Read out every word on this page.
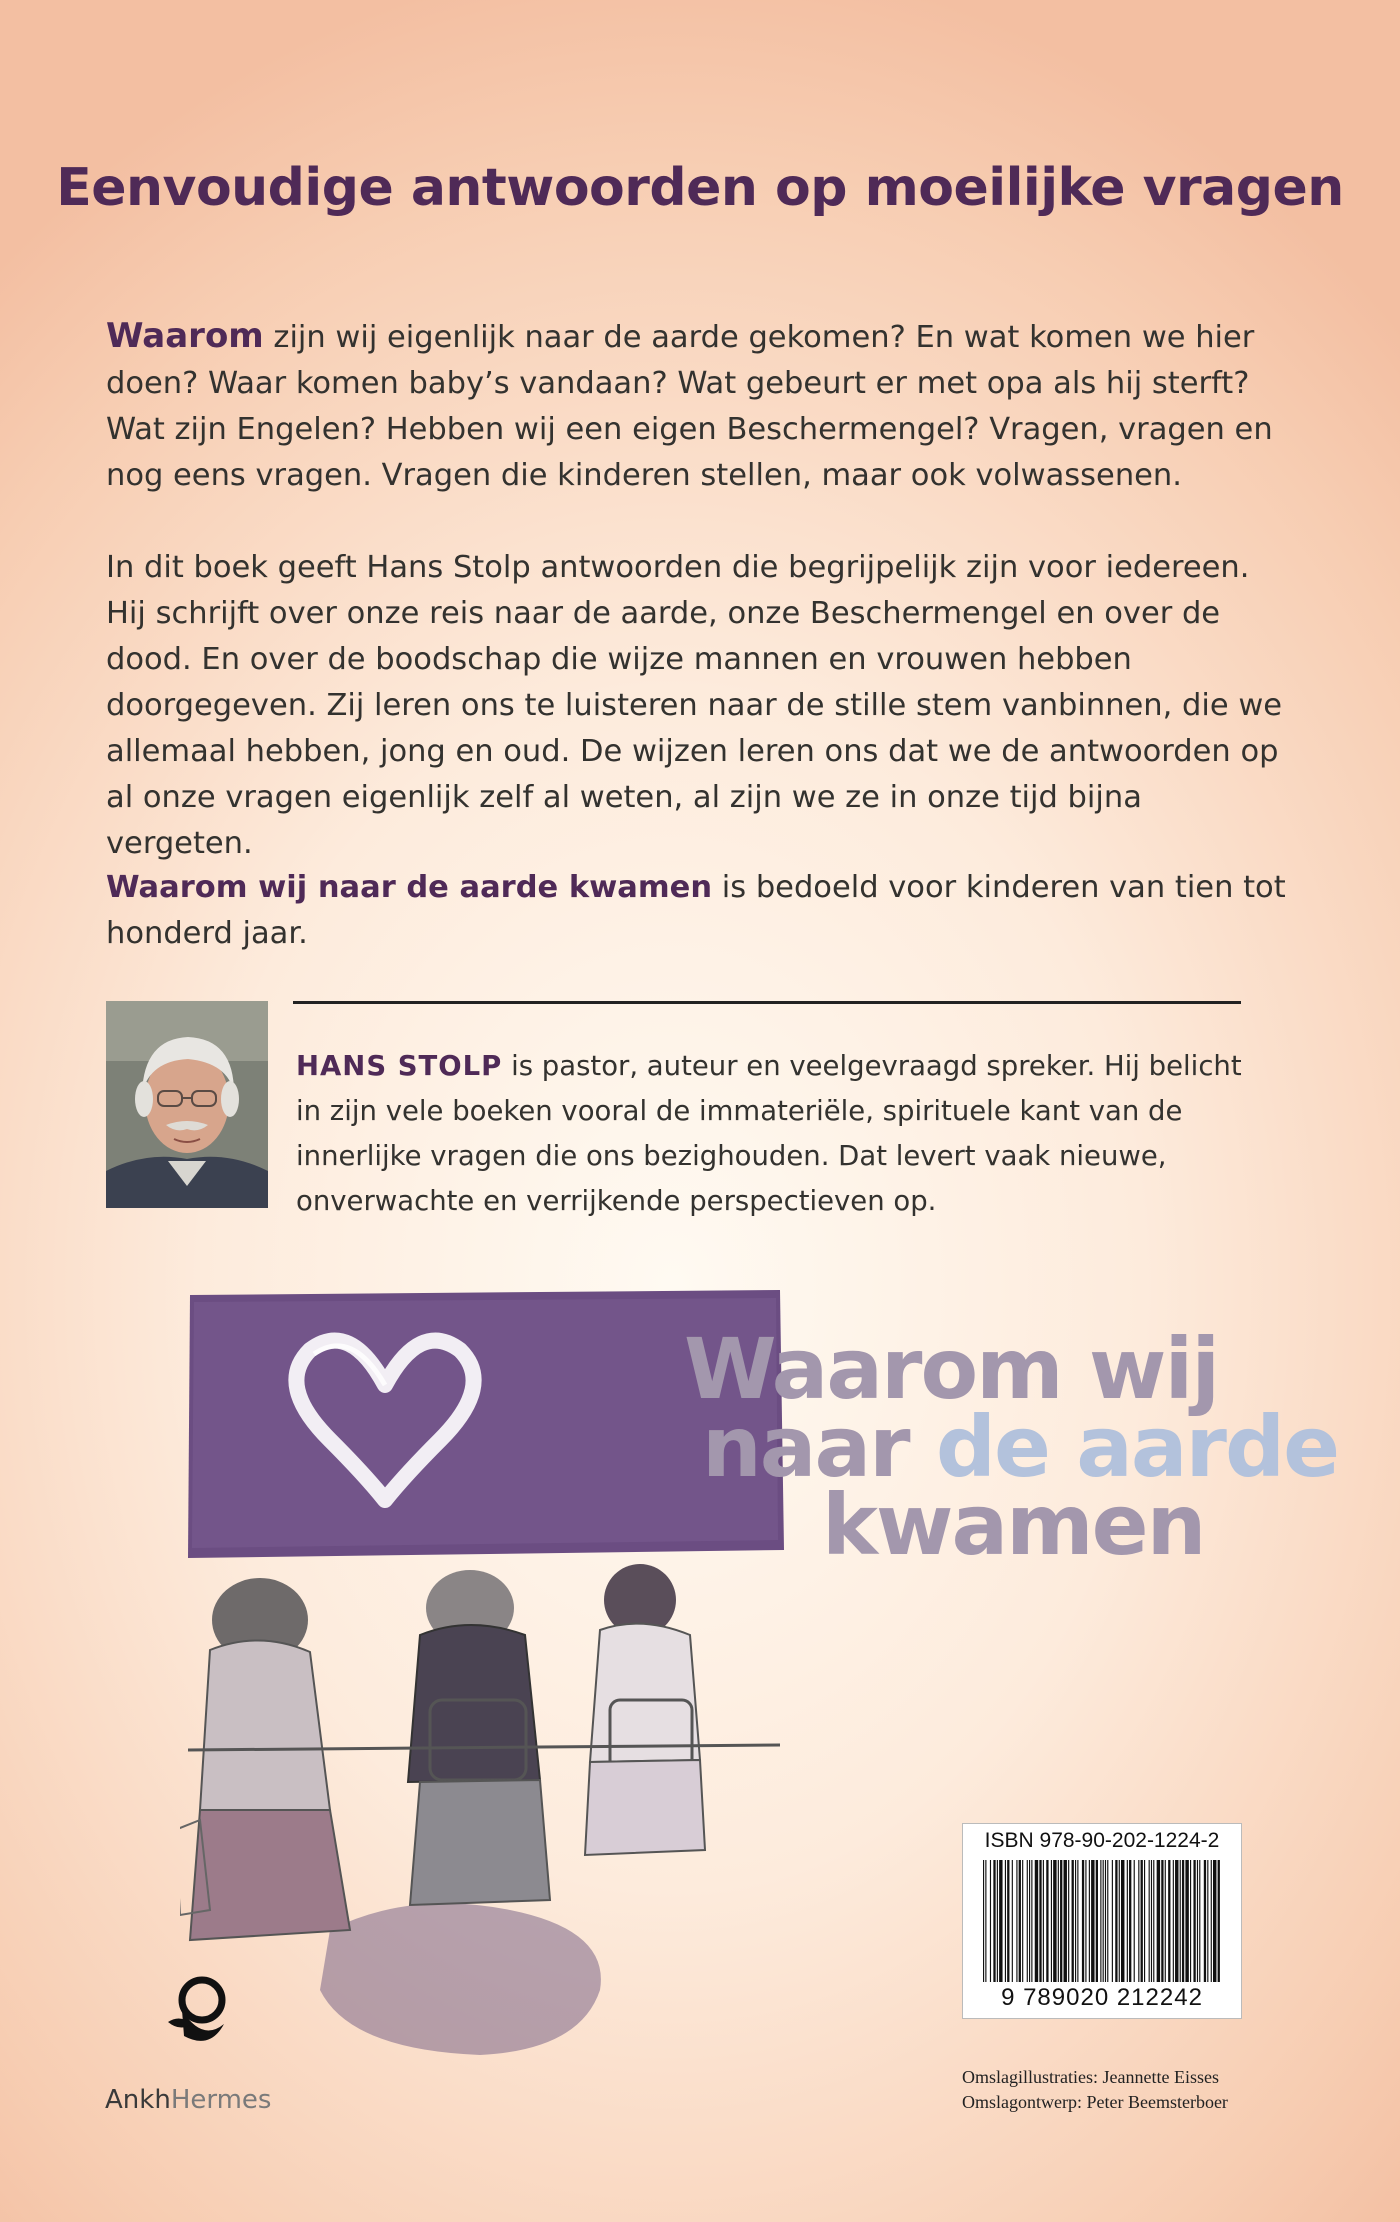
Eenvoudige antwoorden op moeilijke vragen

Waarom zijn wij eigenlijk naar de aarde gekomen? En wat komen we hier doen? Waar komen baby’s vandaan? Wat gebeurt er met opa als hij sterft? Wat zijn Engelen? Hebben wij een eigen Beschermengel? Vragen, vragen en nog eens vragen. Vragen die kinderen stellen, maar ook volwassenen.

In dit boek geeft Hans Stolp antwoorden die begrijpelijk zijn voor iedereen. Hij schrijft over onze reis naar de aarde, onze Beschermengel en over de dood. En over de boodschap die wijze mannen en vrouwen hebben doorgegeven. Zij leren ons te luisteren naar de stille stem vanbinnen, die we allemaal hebben, jong en oud. De wijzen leren ons dat we de antwoorden op al onze vragen eigenlijk zelf al weten, al zijn we ze in onze tijd bijna vergeten.

Waarom wij naar de aarde kwamen is bedoeld voor kinderen van tien tot honderd jaar.

HANS STOLP is pastor, auteur en veelgevraagd spreker. Hij belicht in zijn vele boeken vooral de immateriële, spirituele kant van de innerlijke vragen die ons bezighouden. Dat levert vaak nieuwe, onverwachte en verrijkende perspectieven op.

Waarom wij
naar de aarde
kwamen

ISBN 978-90-202-1224-2

9 789020 212242

Omslagillustraties: Jeannette Eisses
Omslagontwerp: Peter Beemsterboer

AnkhHermes
